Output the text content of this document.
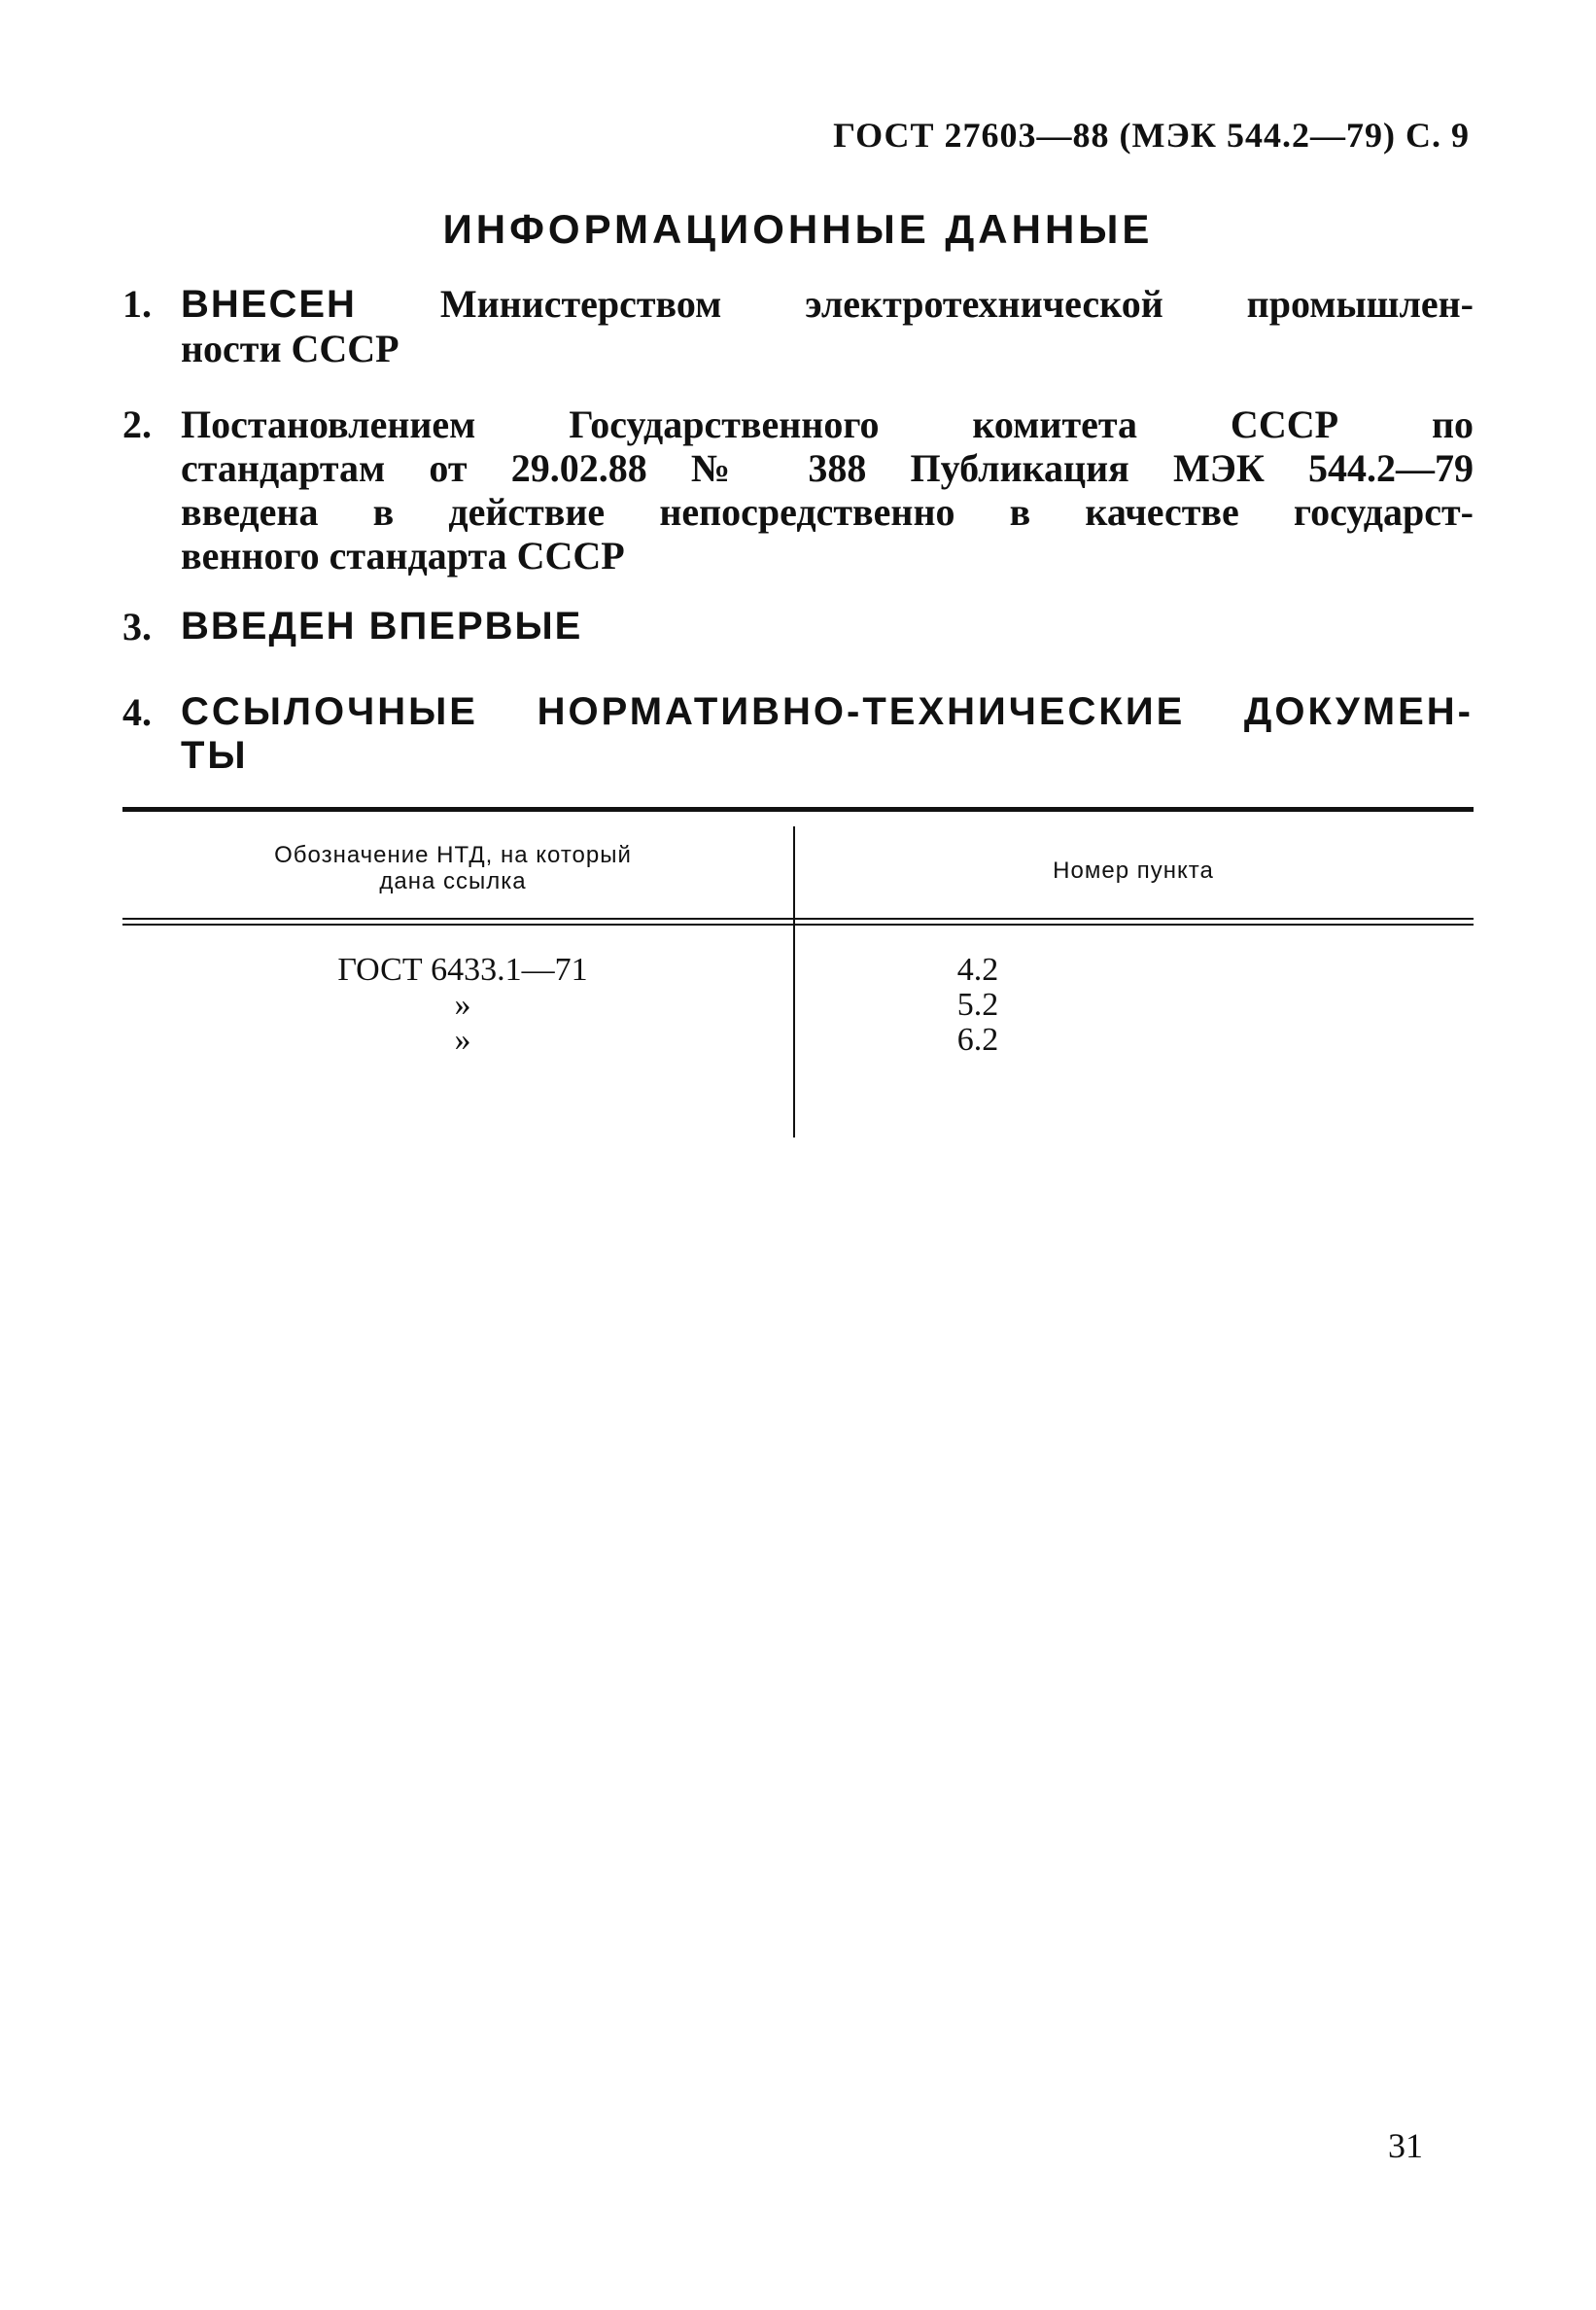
ГОСТ 27603—88 (МЭК 544.2—79) С. 9
ИНФОРМАЦИОННЫЕ ДАННЫЕ
1. ВНЕСЕН Министерством электротехнической промышлен-
ности СССР
2. Постановлением Государственного комитета СССР по
стандартам от 29.02.88 № 388 Публикация МЭК 544.2—79
введена в действие непосредственно в качестве государст-
венного стандарта СССР
3. ВВЕДЕН ВПЕРВЫЕ
4. ССЫЛОЧНЫЕ НОРМАТИВНО-ТЕХНИЧЕСКИЕ ДОКУМЕН-
ТЫ
Обозначение НТД, на который
дана ссылка	Номер пункта
ГОСТ 6433.1—71
»
»
4.2
5.2
6.2
31
